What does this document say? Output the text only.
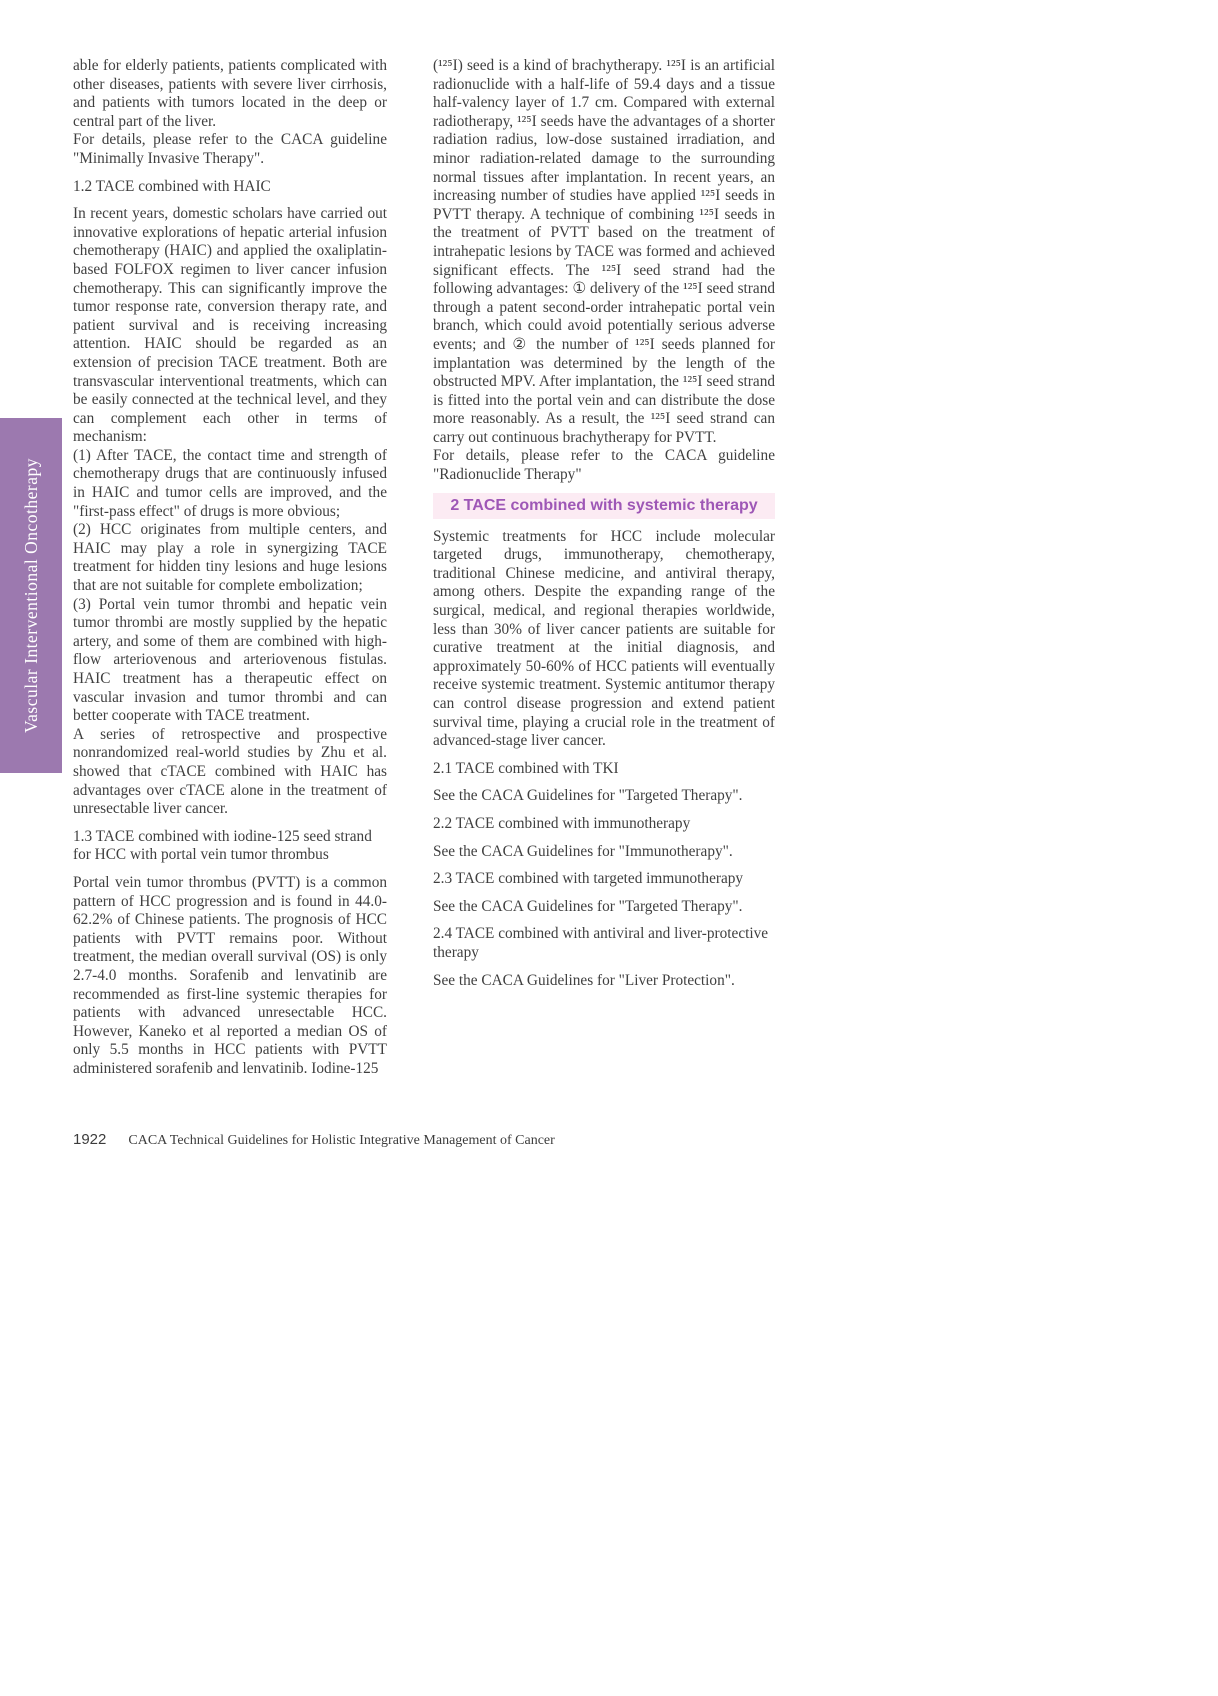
Vascular Interventional Oncotherapy
able for elderly patients, patients complicated with other diseases, patients with severe liver cirrhosis, and patients with tumors located in the deep or central part of the liver.
For details, please refer to the CACA guideline "Minimally Invasive Therapy".
1.2 TACE combined with HAIC
In recent years, domestic scholars have carried out innovative explorations of hepatic arterial infusion chemotherapy (HAIC) and applied the oxaliplatin-based FOLFOX regimen to liver cancer infusion chemotherapy. This can significantly improve the tumor response rate, conversion therapy rate, and patient survival and is receiving increasing attention. HAIC should be regarded as an extension of precision TACE treatment. Both are transvascular interventional treatments, which can be easily connected at the technical level, and they can complement each other in terms of mechanism:
(1) After TACE, the contact time and strength of chemotherapy drugs that are continuously infused in HAIC and tumor cells are improved, and the "first-pass effect" of drugs is more obvious;
(2) HCC originates from multiple centers, and HAIC may play a role in synergizing TACE treatment for hidden tiny lesions and huge lesions that are not suitable for complete embolization;
(3) Portal vein tumor thrombi and hepatic vein tumor thrombi are mostly supplied by the hepatic artery, and some of them are combined with high-flow arteriovenous and arteriovenous fistulas. HAIC treatment has a therapeutic effect on vascular invasion and tumor thrombi and can better cooperate with TACE treatment.
A series of retrospective and prospective nonrandomized real-world studies by Zhu et al. showed that cTACE combined with HAIC has advantages over cTACE alone in the treatment of unresectable liver cancer.
1.3 TACE combined with iodine-125 seed strand for HCC with portal vein tumor thrombus
Portal vein tumor thrombus (PVTT) is a common pattern of HCC progression and is found in 44.0-62.2% of Chinese patients. The prognosis of HCC patients with PVTT remains poor. Without treatment, the median overall survival (OS) is only 2.7-4.0 months. Sorafenib and lenvatinib are recommended as first-line systemic therapies for patients with advanced unresectable HCC. However, Kaneko et al reported a median OS of only 5.5 months in HCC patients with PVTT administered sorafenib and lenvatinib. Iodine-125
(¹²⁵I) seed is a kind of brachytherapy. ¹²⁵I is an artificial radionuclide with a half-life of 59.4 days and a tissue half-valency layer of 1.7 cm. Compared with external radiotherapy, ¹²⁵I seeds have the advantages of a shorter radiation radius, low-dose sustained irradiation, and minor radiation-related damage to the surrounding normal tissues after implantation. In recent years, an increasing number of studies have applied ¹²⁵I seeds in PVTT therapy. A technique of combining ¹²⁵I seeds in the treatment of PVTT based on the treatment of intrahepatic lesions by TACE was formed and achieved significant effects. The ¹²⁵I seed strand had the following advantages: ① delivery of the ¹²⁵I seed strand through a patent second-order intrahepatic portal vein branch, which could avoid potentially serious adverse events; and ② the number of ¹²⁵I seeds planned for implantation was determined by the length of the obstructed MPV. After implantation, the ¹²⁵I seed strand is fitted into the portal vein and can distribute the dose more reasonably. As a result, the ¹²⁵I seed strand can carry out continuous brachytherapy for PVTT.
For details, please refer to the CACA guideline "Radionuclide Therapy"
2 TACE combined with systemic therapy
Systemic treatments for HCC include molecular targeted drugs, immunotherapy, chemotherapy, traditional Chinese medicine, and antiviral therapy, among others. Despite the expanding range of the surgical, medical, and regional therapies worldwide, less than 30% of liver cancer patients are suitable for curative treatment at the initial diagnosis, and approximately 50-60% of HCC patients will eventually receive systemic treatment. Systemic antitumor therapy can control disease progression and extend patient survival time, playing a crucial role in the treatment of advanced-stage liver cancer.
2.1 TACE combined with TKI
See the CACA Guidelines for "Targeted Therapy".
2.2 TACE combined with immunotherapy
See the CACA Guidelines for "Immunotherapy".
2.3 TACE combined with targeted immunotherapy
See the CACA Guidelines for "Targeted Therapy".
2.4 TACE combined with antiviral and liver-protective therapy
See the CACA Guidelines for "Liver Protection".
1922 CACA Technical Guidelines for Holistic Integrative Management of Cancer
